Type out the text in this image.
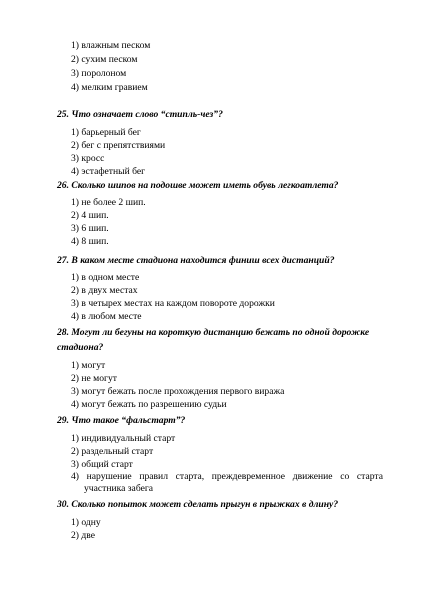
1) влажным песком
2) сухим песком
3) поролоном
4) мелким гравием
25. Что означает слово “стипль-чез”?
1) барьерный бег
2) бег с препятствиями
3) кросс
4) эстафетный бег
26. Сколько шипов на подошве может иметь обувь легкоатлета?
1) не более 2 шип.
2) 4 шип.
3) 6 шип.
4) 8 шип.
27. В каком месте стадиона находится финиш всех дистанций?
1) в одном месте
2) в двух местах
3) в четырех местах на каждом повороте дорожки
4) в любом месте
28. Могут ли бегуны на короткую дистанцию бежать по одной дорожке стадиона?
1) могут
2) не могут
3) могут бежать после прохождения первого виража
4) могут бежать по разрешению судьи
29. Что такое “фальстарт”?
1) индивидуальный старт
2) раздельный старт
3) общий старт
4) нарушение правил старта, преждевременное движение со старта
участника забега
30. Сколько попыток может сделать прыгун в прыжках в длину?
1) одну
2) две
